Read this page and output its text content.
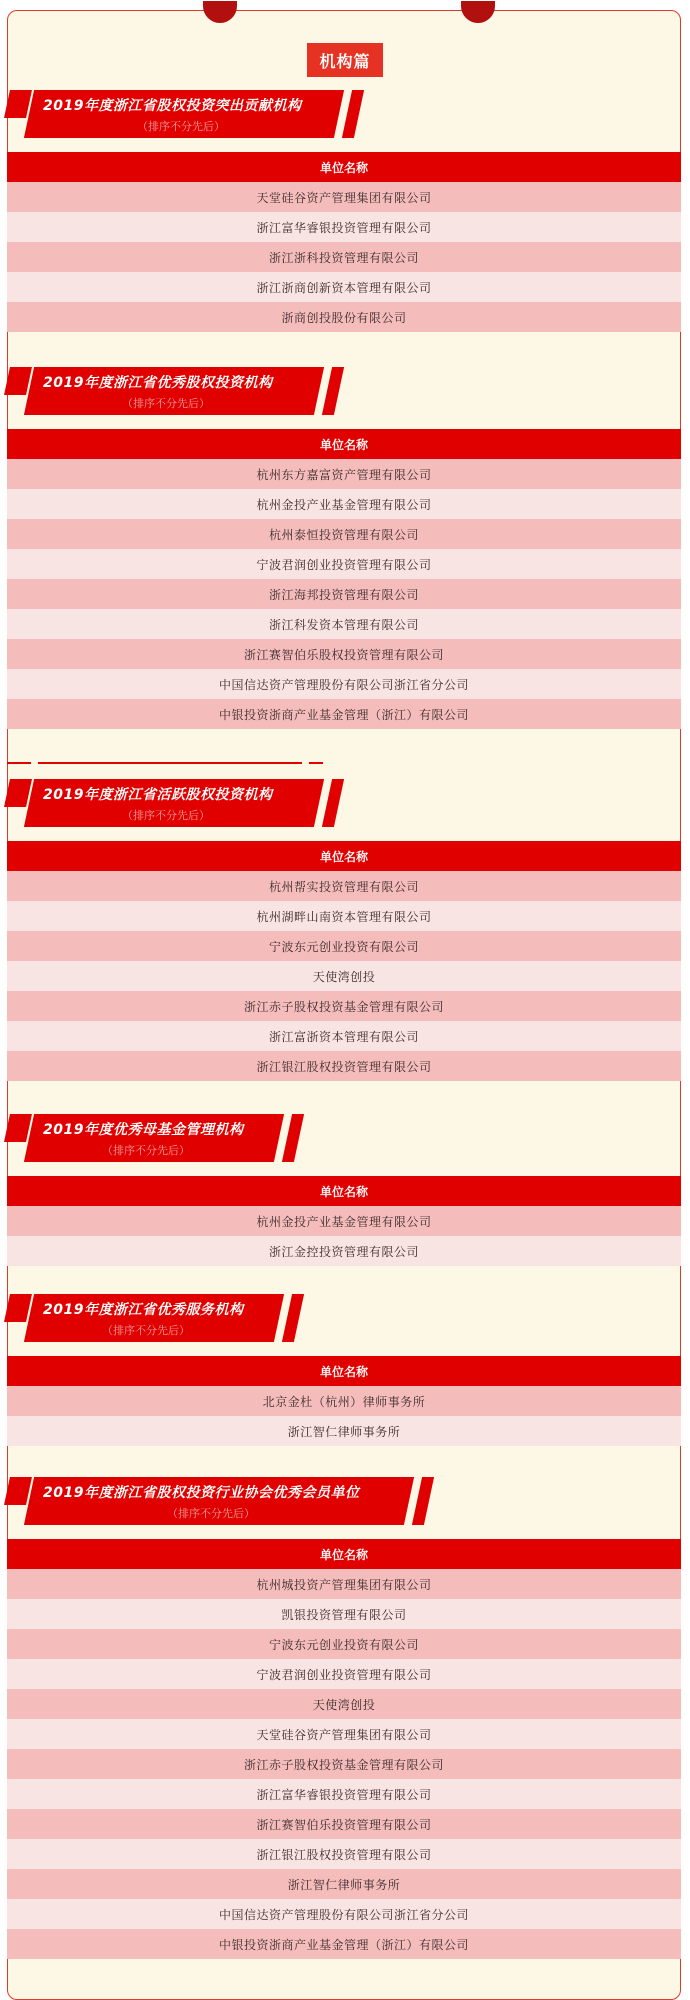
机构篇
2019年度浙江省股权投资突出贡献机构
（排序不分先后）
单位名称
天堂硅谷资产管理集团有限公司
浙江富华睿银投资管理有限公司
浙江浙科投资管理有限公司
浙江浙商创新资本管理有限公司
浙商创投股份有限公司
2019年度浙江省优秀股权投资机构
（排序不分先后）
单位名称
杭州东方嘉富资产管理有限公司
杭州金投产业基金管理有限公司
杭州泰恒投资管理有限公司
宁波君润创业投资管理有限公司
浙江海邦投资管理有限公司
浙江科发资本管理有限公司
浙江赛智伯乐股权投资管理有限公司
中国信达资产管理股份有限公司浙江省分公司
中银投资浙商产业基金管理（浙江）有限公司
2019年度浙江省活跃股权投资机构
（排序不分先后）
单位名称
杭州帮实投资管理有限公司
杭州湖畔山南资本管理有限公司
宁波东元创业投资有限公司
天使湾创投
浙江赤子股权投资基金管理有限公司
浙江富浙资本管理有限公司
浙江银江股权投资管理有限公司
2019年度优秀母基金管理机构
（排序不分先后）
单位名称
杭州金投产业基金管理有限公司
浙江金控投资管理有限公司
2019年度浙江省优秀服务机构
（排序不分先后）
单位名称
北京金杜（杭州）律师事务所
浙江智仁律师事务所
2019年度浙江省股权投资行业协会优秀会员单位
（排序不分先后）
单位名称
杭州城投资产管理集团有限公司
凯银投资管理有限公司
宁波东元创业投资有限公司
宁波君润创业投资管理有限公司
天使湾创投
天堂硅谷资产管理集团有限公司
浙江赤子股权投资基金管理有限公司
浙江富华睿银投资管理有限公司
浙江赛智伯乐投资管理有限公司
浙江银江股权投资管理有限公司
浙江智仁律师事务所
中国信达资产管理股份有限公司浙江省分公司
中银投资浙商产业基金管理（浙江）有限公司
